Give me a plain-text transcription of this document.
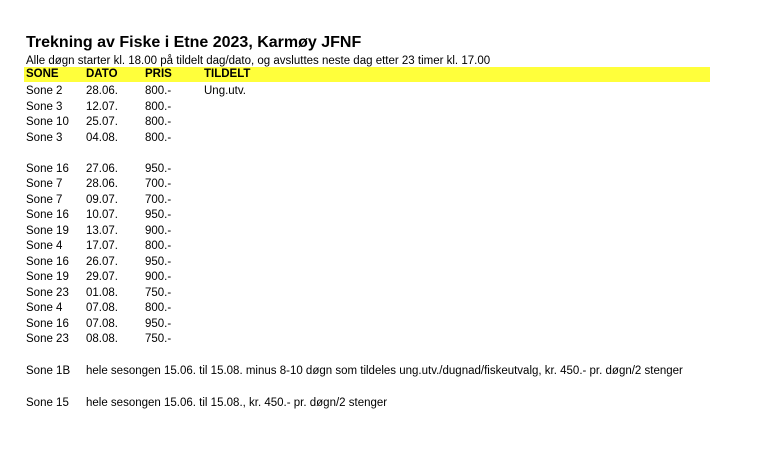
Trekning av Fiske i Etne 2023, Karmøy JFNF
Alle døgn starter kl. 18.00 på tildelt dag/dato, og avsluttes neste dag etter 23 timer kl. 17.00
SONE DATO PRIS	TILDELT
Sone 2 28.06. 800.-	Ung.utv.
Sone 3 12.07. 800.-
Sone 10 25.07. 800.-
Sone 3 04.08. 800.-
Sone 16 27.06. 950.-
Sone 7 28.06. 700.-
Sone 7 09.07. 700.-
Sone 16 10.07. 950.-
Sone 19 13.07. 900.-
Sone 4 17.07. 800.-
Sone 16 26.07. 950.-
Sone 19 29.07. 900.-
Sone 23 01.08. 750.-
Sone 4 07.08. 800.-
Sone 16 07.08. 950.-
Sone 23 08.08. 750.-
Sone 1B hele sesongen 15.06. til 15.08. minus 8-10 døgn som tildeles ung.utv./dugnad/fiskeutvalg, kr. 450.- pr. døgn/2 stenger
Sone 15 hele sesongen 15.06. til 15.08., kr. 450.- pr. døgn/2 stenger
